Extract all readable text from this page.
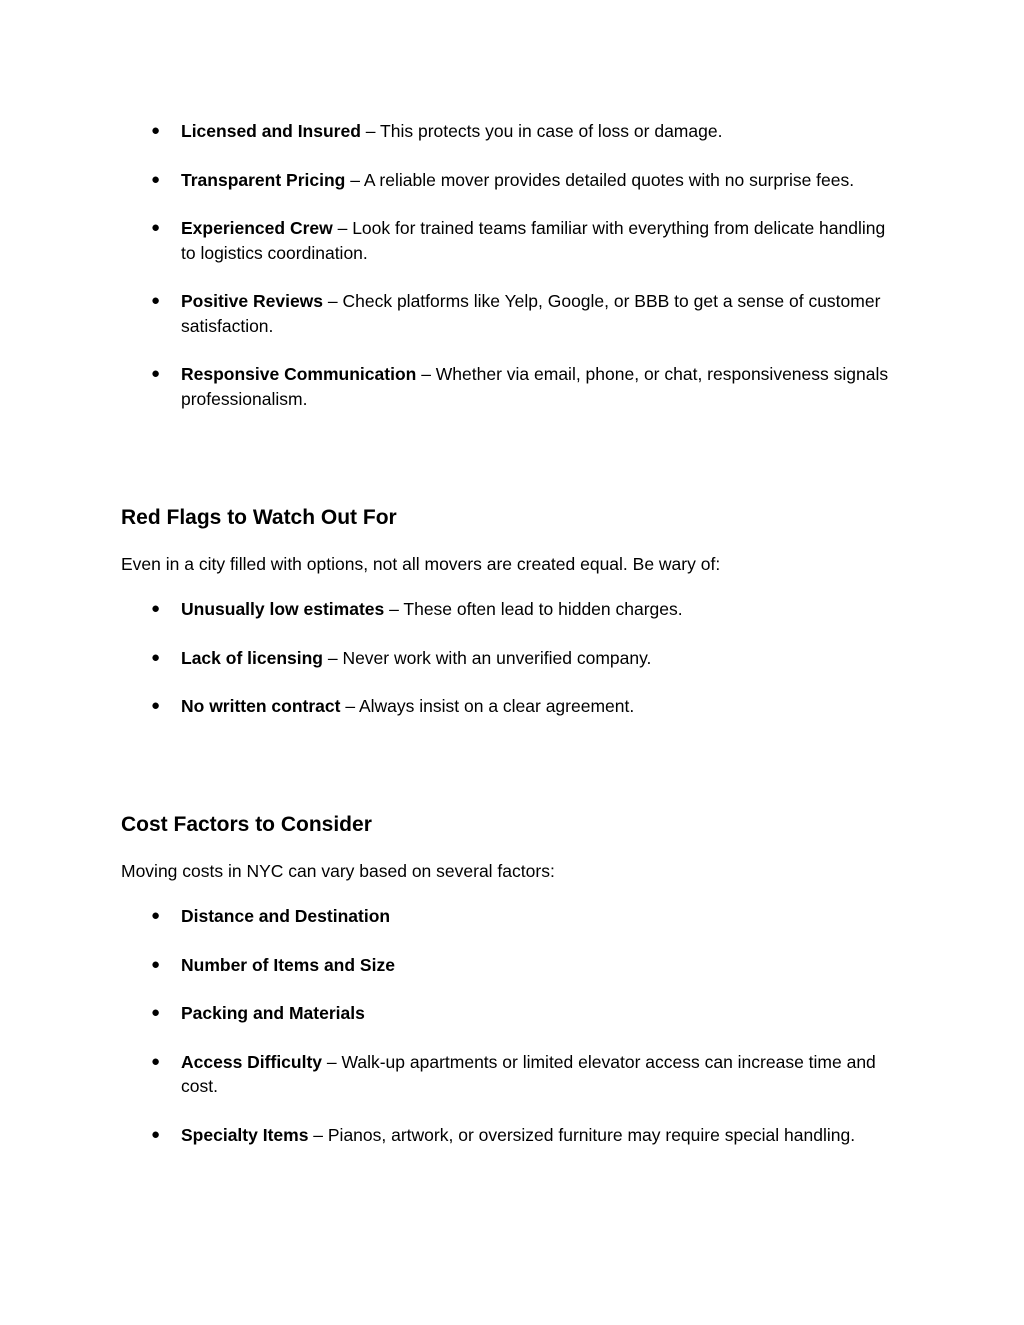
● Licensed and Insured – This protects you in case of loss or damage.
● Transparent Pricing – A reliable mover provides detailed quotes with no surprise fees.
● Experienced Crew – Look for trained teams familiar with everything from delicate handling to logistics coordination.
● Positive Reviews – Check platforms like Yelp, Google, or BBB to get a sense of customer satisfaction.
● Responsive Communication – Whether via email, phone, or chat, responsiveness signals professionalism.
Red Flags to Watch Out For

Even in a city filled with options, not all movers are created equal. Be wary of:

● Unusually low estimates – These often lead to hidden charges.
● Lack of licensing – Never work with an unverified company.
● No written contract – Always insist on a clear agreement.
Cost Factors to Consider

Moving costs in NYC can vary based on several factors:

● Distance and Destination
● Number of Items and Size
● Packing and Materials
● Access Difficulty – Walk-up apartments or limited elevator access can increase time and cost.
● Specialty Items – Pianos, artwork, or oversized furniture may require special handling.
